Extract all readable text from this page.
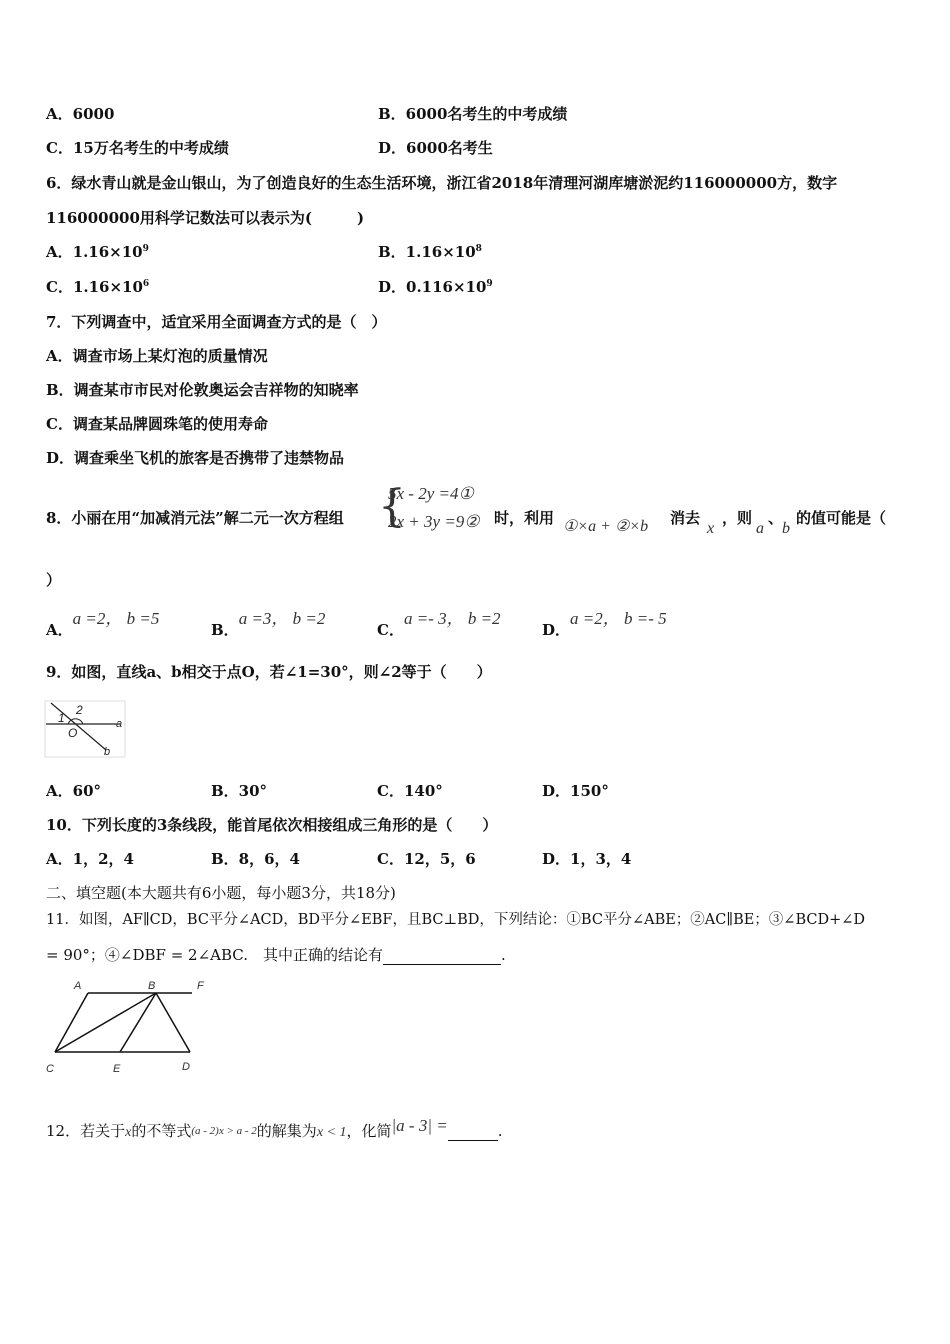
A．6000	B．6000名考生的中考成绩
C．15万名考生的中考成绩	D．6000名考生
6．绿水青山就是金山银山，为了创造良好的生态生活环境，浙江省2018年清理河湖库塘淤泥约116000000方，数字
116000000用科学记数法可以表示为(　　　)
A．$1.16\times 10^9$	B．$1.16\times 10^8$
C．$1.16\times 10^6$	D．$0.116\times 10^9$
7．下列调查中，适宜采用全面调查方式的是（　）
A．调查市场上某灯泡的质量情况
B．调查某市市民对伦敦奥运会吉祥物的知晓率
C．调查某品牌圆珠笔的使用寿命
D．调查乘坐飞机的旅客是否携带了违禁物品
8．小丽在用“加减消元法”解二元一次方程组 {
5x - 2y =4①
2x + 3y =9② 时，利用 ①×a + ②×b 消去
x
，则
a
、
b
的值可能是（
）
A．a =2， b =5
B．a =3， b =2
C．a =- 3， b =2
D．a =2， b =- 5
9．如图，直线a、b相交于点O，若∠1=30°，则∠2等于（　　）
1
2
O
a
b
A．60°	B．30°	C．140°	D．150°
10．下列长度的3条线段，能首尾依次相接组成三角形的是（　　）
A．1，2，4	B．8，6，4	C．12，5，6	D．1，3，4
二、填空题(本大题共有6小题，每小题3分，共18分)
11．如图，AF∥CD，BC平分∠ACD，BD平分∠EBF，且BC⊥BD，下列结论：①BC平分∠ABE；②AC∥BE；③∠BCD+∠D
= 90°；④∠DBF = 2∠ABC.　其中正确的结论有	.
A	B	F
C	E	D
12．若关于x的不等式(a - 2)x > a - 2的解集为x < 1，化简|a - 3| =	.
